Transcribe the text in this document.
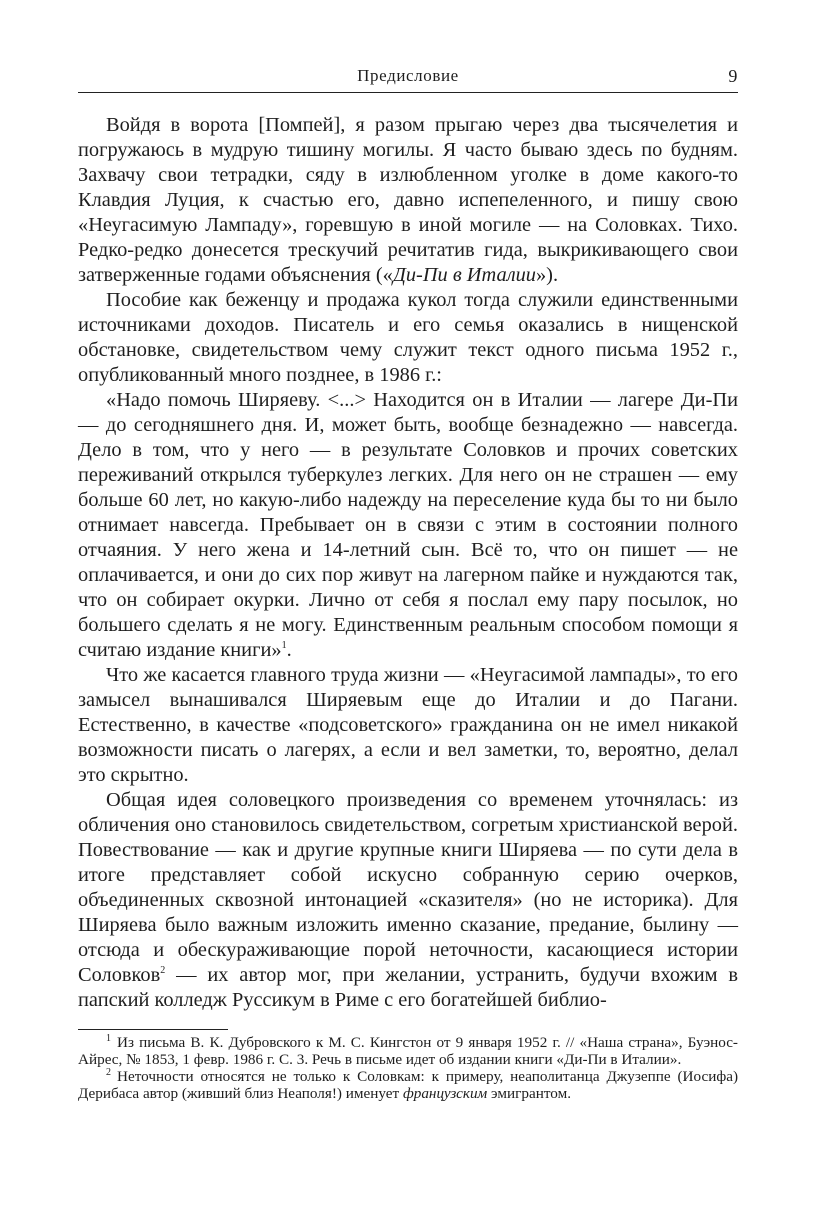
Предисловие	9

Войдя в ворота [Помпей], я разом прыгаю через два тысячелетия и погружаюсь в мудрую тишину могилы. Я часто бываю здесь по будням. Захвачу свои тетрадки, сяду в излюбленном уголке в доме какого-то Клавдия Луция, к счастью его, давно испепеленного, и пишу свою «Неугасимую Лампаду», горевшую в иной могиле — на Соловках. Тихо. Редко-редко донесется трескучий речитатив гида, выкрикивающего свои затверженные годами объяснения («Ди-Пи в Италии»).

Пособие как беженцу и продажа кукол тогда служили единственными источниками доходов. Писатель и его семья оказались в нищенской обстановке, свидетельством чему служит текст одного письма 1952 г., опубликованный много позднее, в 1986 г.:

«Надо помочь Ширяеву. <...> Находится он в Италии — лагере Ди-Пи — до сегодняшнего дня. И, может быть, вообще безнадежно — навсегда. Дело в том, что у него — в результате Соловков и прочих советских переживаний открылся туберкулез легких. Для него он не страшен — ему больше 60 лет, но какую-либо надежду на переселение куда бы то ни было отнимает навсегда. Пребывает он в связи с этим в состоянии полного отчаяния. У него жена и 14-летний сын. Всё то, что он пишет — не оплачивается, и они до сих пор живут на лагерном пайке и нуждаются так, что он собирает окурки. Лично от себя я послал ему пару посылок, но большего сделать я не могу. Единственным реальным способом помощи я считаю издание книги»$^1$.

Что же касается главного труда жизни — «Неугасимой лампады», то его замысел вынашивался Ширяевым еще до Италии и до Пагани. Естественно, в качестве «подсоветского» гражданина он не имел никакой возможности писать о лагерях, а если и вел заметки, то, вероятно, делал это скрытно.

Общая идея соловецкого произведения со временем уточнялась: из обличения оно становилось свидетельством, согретым христианской верой. Повествование — как и другие крупные книги Ширяева — по сути дела в итоге представляет собой искусно собранную серию очерков, объединенных сквозной интонацией «сказителя» (но не историка). Для Ширяева было важным изложить именно сказание, предание, былину — отсюда и обескураживающие порой неточности, касающиеся истории Соловков$^2$ — их автор мог, при желании, устранить, будучи вхожим в папский колледж Руссикум в Риме с его богатейшей библио-

$^1$ Из письма В. К. Дубровского к М. С. Кингстон от 9 января 1952 г. // «Наша страна», Буэнос-Айрес, № 1853, 1 февр. 1986 г. С. 3. Речь в письме идет об издании книги «Ди-Пи в Италии».

$^2$ Неточности относятся не только к Соловкам: к примеру, неаполитанца Джузеппе (Иосифа) Дерибаса автор (живший близ Неаполя!) именует французским эмигрантом.
